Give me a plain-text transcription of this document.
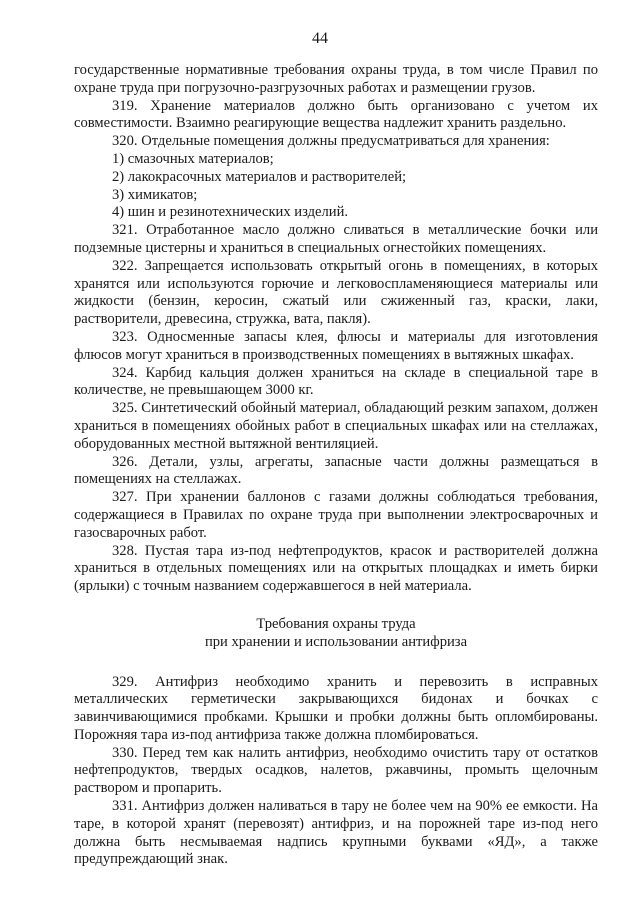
44

государственные нормативные требования охраны труда, в том числе Правил по охране труда при погрузочно-разгрузочных работах и размещении грузов.

319. Хранение материалов должно быть организовано с учетом их совместимости. Взаимно реагирующие вещества надлежит хранить раздельно.

320. Отдельные помещения должны предусматриваться для хранения:

1) смазочных материалов;

2) лакокрасочных материалов и растворителей;

3) химикатов;

4) шин и резинотехнических изделий.

321. Отработанное масло должно сливаться в металлические бочки или подземные цистерны и храниться в специальных огнестойких помещениях.

322. Запрещается использовать открытый огонь в помещениях, в которых хранятся или используются горючие и легковоспламеняющиеся материалы или жидкости (бензин, керосин, сжатый или сжиженный газ, краски, лаки, растворители, древесина, стружка, вата, пакля).

323. Односменные запасы клея, флюсы и материалы для изготовления флюсов могут храниться в производственных помещениях в вытяжных шкафах.

324. Карбид кальция должен храниться на складе в специальной таре в количестве, не превышающем 3000 кг.

325. Синтетический обойный материал, обладающий резким запахом, должен храниться в помещениях обойных работ в специальных шкафах или на стеллажах, оборудованных местной вытяжной вентиляцией.

326. Детали, узлы, агрегаты, запасные части должны размещаться в помещениях на стеллажах.

327. При хранении баллонов с газами должны соблюдаться требования, содержащиеся в Правилах по охране труда при выполнении электросварочных и газосварочных работ.

328. Пустая тара из-под нефтепродуктов, красок и растворителей должна храниться в отдельных помещениях или на открытых площадках и иметь бирки (ярлыки) с точным названием содержавшегося в ней материала.

Требования охраны труда
при хранении и использовании антифриза

329. Антифриз необходимо хранить и перевозить в исправных металлических герметически закрывающихся бидонах и бочках с завинчивающимися пробками. Крышки и пробки должны быть опломбированы. Порожняя тара из-под антифриза также должна пломбироваться.

330. Перед тем как налить антифриз, необходимо очистить тару от остатков нефтепродуктов, твердых осадков, налетов, ржавчины, промыть щелочным раствором и пропарить.

331. Антифриз должен наливаться в тару не более чем на 90% ее емкости. На таре, в которой хранят (перевозят) антифриз, и на порожней таре из-под него должна быть несмываемая надпись крупными буквами «ЯД», а также предупреждающий знак.
